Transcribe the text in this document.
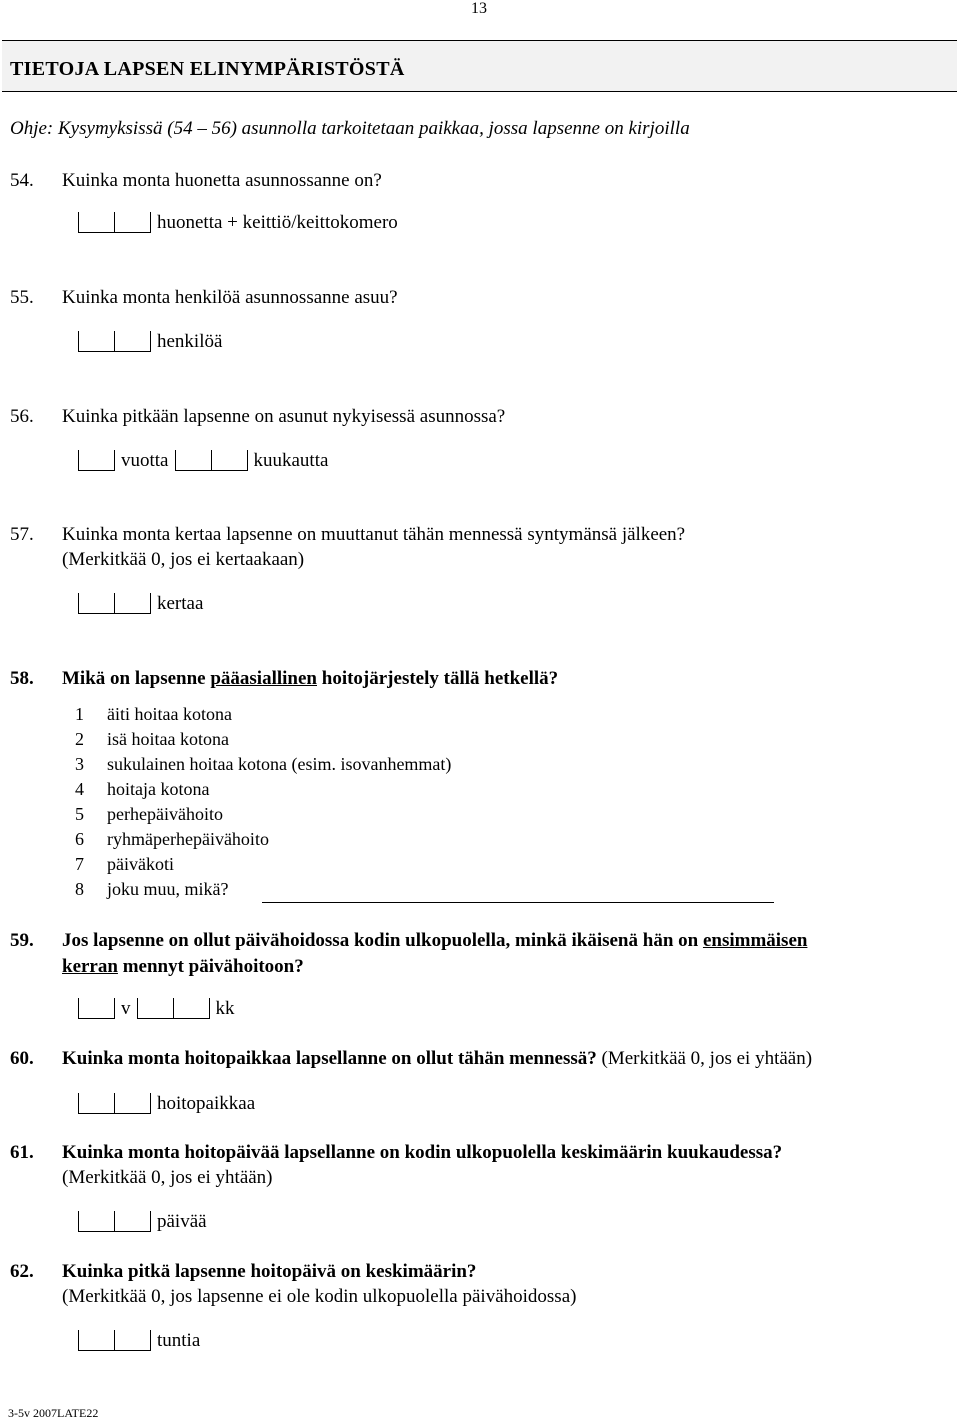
13
TIETOJA LAPSEN ELINYMPÄRISTÖSTÄ
Ohje: Kysymyksissä (54 – 56) asunnolla tarkoitetaan paikkaa, jossa lapsenne on kirjoilla
54. Kuinka monta huonetta asunnossanne on?
huonetta + keittiö/keittokomero
55. Kuinka monta henkilöä asunnossanne asuu?
henkilöä
56. Kuinka pitkään lapsenne on asunut nykyisessä asunnossa?
vuotta	kuukautta
57. Kuinka monta kertaa lapsenne on muuttanut tähän mennessä syntymänsä jälkeen?
(Merkitkää 0, jos ei kertaakaan)
kertaa
58. Mikä on lapsenne pääasiallinen hoitojärjestely tällä hetkellä?
1 äiti hoitaa kotona
2 isä hoitaa kotona
3 sukulainen hoitaa kotona (esim. isovanhemmat)
4 hoitaja kotona
5 perhepäivähoito
6 ryhmäperhepäivähoito
7 päiväkoti
8 joku muu, mikä?
59. Jos lapsenne on ollut päivähoidossa kodin ulkopuolella, minkä ikäisenä hän on ensimmäisen
kerran mennyt päivähoitoon?
v	kk
60. Kuinka monta hoitopaikkaa lapsellanne on ollut tähän mennessä? (Merkitkää 0, jos ei yhtään)
hoitopaikkaa
61. Kuinka monta hoitopäivää lapsellanne on kodin ulkopuolella keskimäärin kuukaudessa?
(Merkitkää 0, jos ei yhtään)
päivää
62. Kuinka pitkä lapsenne hoitopäivä on keskimäärin?
(Merkitkää 0, jos lapsenne ei ole kodin ulkopuolella päivähoidossa)
tuntia
3-5v 2007LATE22
